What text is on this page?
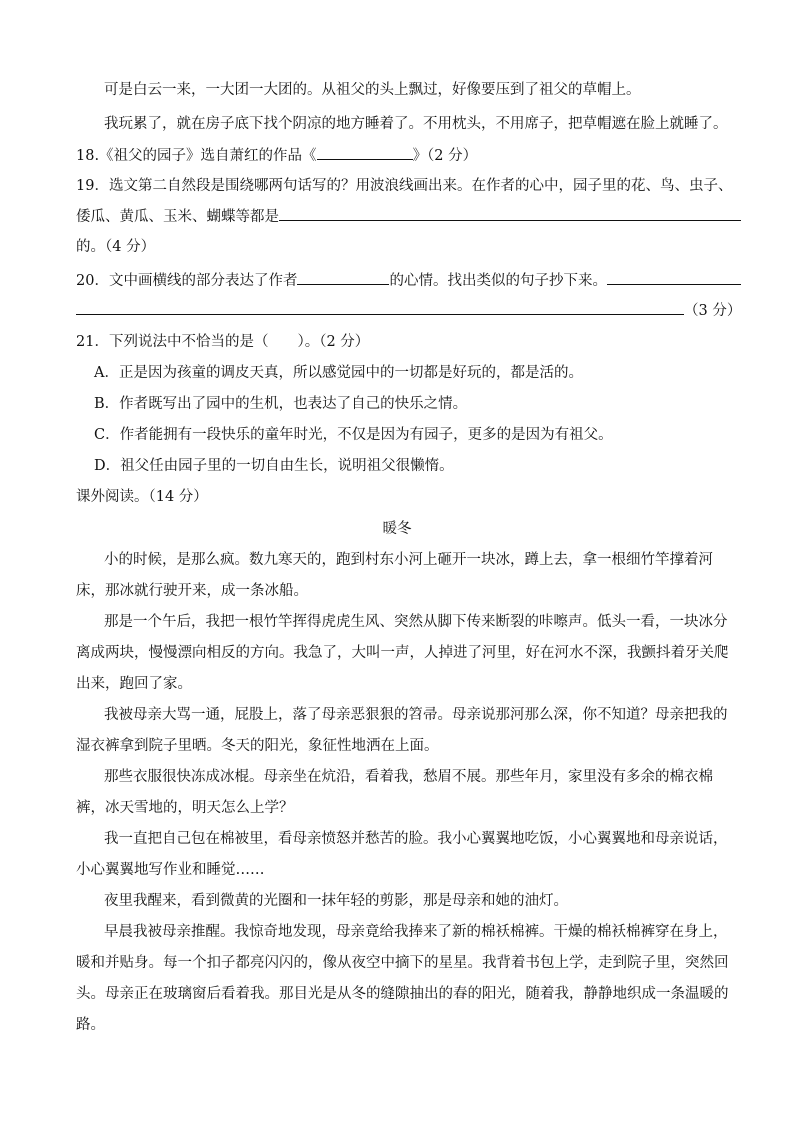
可是白云一来，一大团一大团的。从祖父的头上飘过，好像要压到了祖父的草帽上。
我玩累了，就在房子底下找个阴凉的地方睡着了。不用枕头，不用席子，把草帽遮在脸上就睡了。
18.《祖父的园子》选自萧红的作品《	》（2 分）
19．选文第二自然段是围绕哪两句话写的？用波浪线画出来。在作者的心中，园子里的花、鸟、虫子、
倭瓜、黄瓜、玉米、蝴蝶等都是
的。（4 分）
20．文中画横线的部分表达了作者	的心情。找出类似的句子抄下来。
（3 分）
21．下列说法中不恰当的是（　　）。（2 分）
A．正是因为孩童的调皮天真，所以感觉园中的一切都是好玩的，都是活的。
B．作者既写出了园中的生机，也表达了自己的快乐之情。
C．作者能拥有一段快乐的童年时光，不仅是因为有园子，更多的是因为有祖父。
D．祖父任由园子里的一切自由生长，说明祖父很懒惰。
课外阅读。（14 分）
暖冬
小的时候，是那么疯。数九寒天的，跑到村东小河上砸开一块冰，蹲上去，拿一根细竹竿撑着河
床，那冰就行驶开来，成一条冰船。
那是一个午后，我把一根竹竿挥得虎虎生风、突然从脚下传来断裂的咔嚓声。低头一看，一块冰分
离成两块，慢慢漂向相反的方向。我急了，大叫一声，人掉进了河里，好在河水不深，我颤抖着牙关爬
出来，跑回了家。
我被母亲大骂一通，屁股上，落了母亲恶狠狠的笤帚。母亲说那河那么深，你不知道？母亲把我的
湿衣裤拿到院子里晒。冬天的阳光，象征性地洒在上面。
那些衣服很快冻成冰棍。母亲坐在炕沿，看着我，愁眉不展。那些年月，家里没有多余的棉衣棉
裤，冰天雪地的，明天怎么上学？
我一直把自己包在棉被里，看母亲愤怒并愁苦的脸。我小心翼翼地吃饭，小心翼翼地和母亲说话，
小心翼翼地写作业和睡觉……
夜里我醒来，看到微黄的光圈和一抹年轻的剪影，那是母亲和她的油灯。
早晨我被母亲推醒。我惊奇地发现，母亲竟给我捧来了新的棉袄棉裤。干燥的棉袄棉裤穿在身上，
暖和并贴身。每一个扣子都亮闪闪的，像从夜空中摘下的星星。我背着书包上学，走到院子里，突然回
头。母亲正在玻璃窗后看着我。那目光是从冬的缝隙抽出的春的阳光，随着我，静静地织成一条温暖的
路。
